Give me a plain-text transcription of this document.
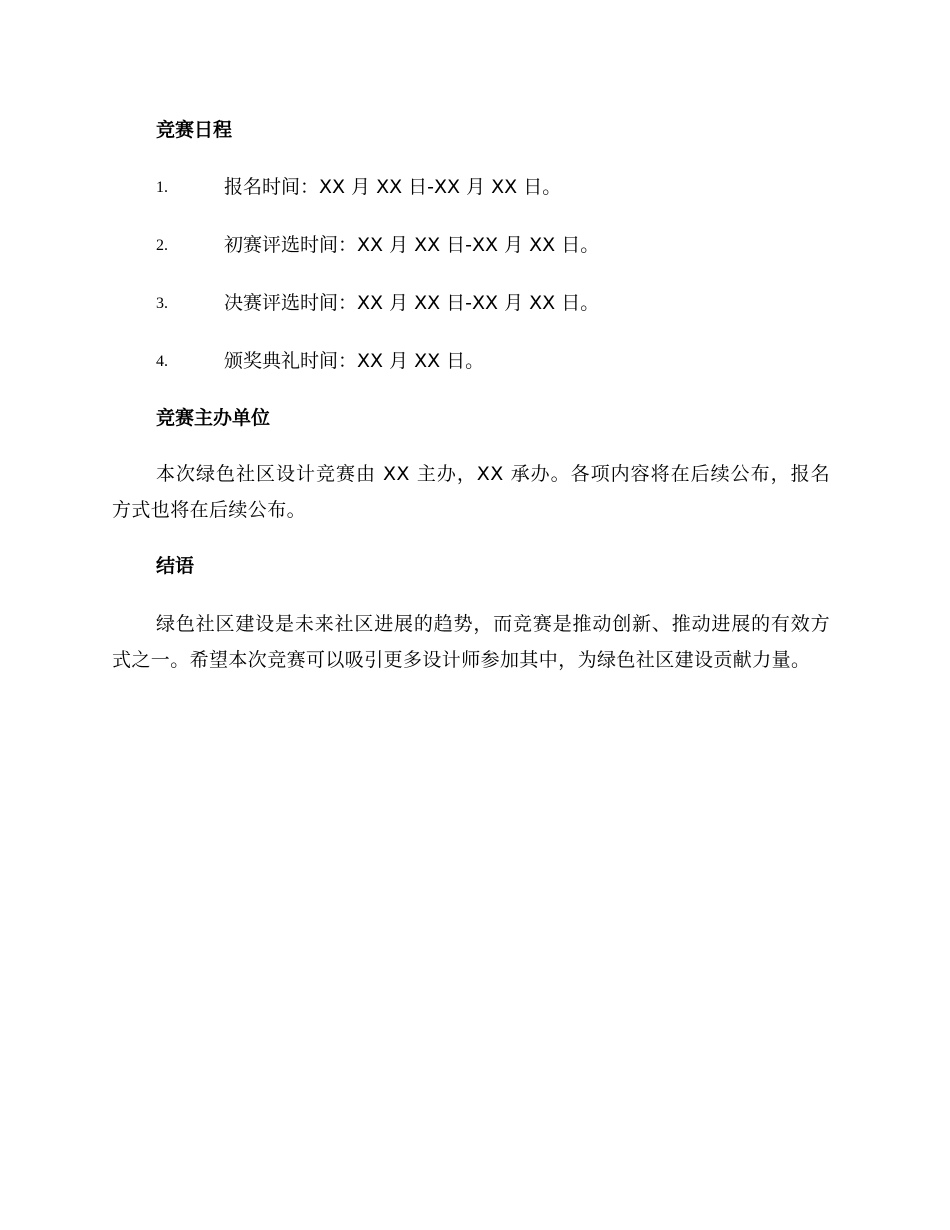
竞赛日程
1.	报名时间：XX 月 XX 日-XX 月 XX 日。
2.	初赛评选时间：XX 月 XX 日-XX 月 XX 日。
3.	决赛评选时间：XX 月 XX 日-XX 月 XX 日。
4.	颁奖典礼时间：XX 月 XX 日。
竞赛主办单位

本次绿色社区设计竞赛由 XX 主办，XX 承办。各项内容将在后续公布，报名方式也将在后续公布。

结语

绿色社区建设是未来社区进展的趋势，而竞赛是推动创新、推动进展的有效方式之一。希望本次竞赛可以吸引更多设计师参加其中，为绿色社区建设贡献力量。
